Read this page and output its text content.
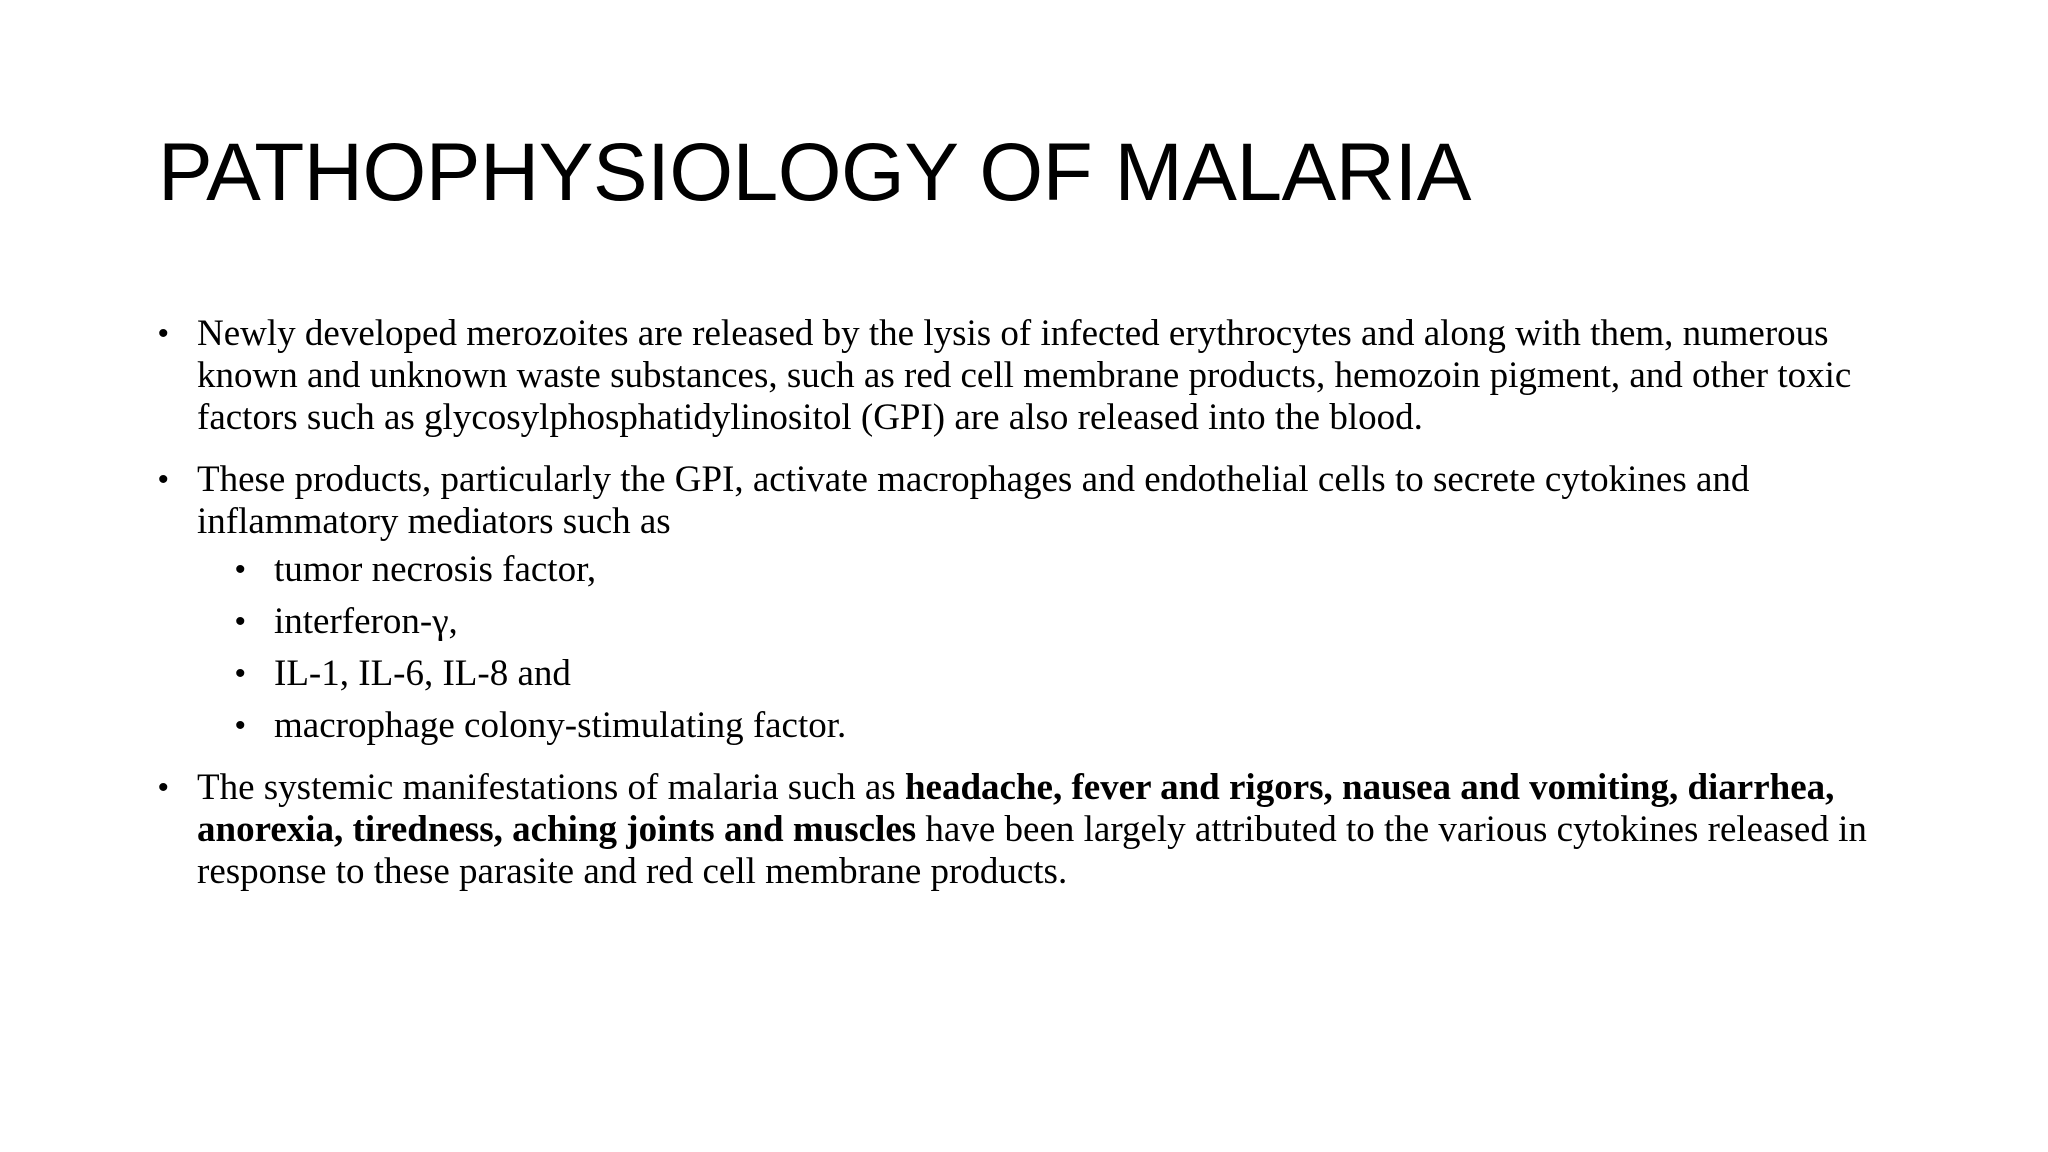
PATHOPHYSIOLOGY OF MALARIA
• Newly developed merozoites are released by the lysis of infected erythrocytes and along with them, numerous known and unknown waste substances, such as red cell membrane products, hemozoin pigment, and other toxic factors such as glycosylphosphatidylinositol (GPI) are also released into the blood.
• These products, particularly the GPI, activate macrophages and endothelial cells to secrete cytokines and inflammatory mediators such as
• tumor necrosis factor,
• interferon-γ,
• IL-1, IL-6, IL-8 and
• macrophage colony-stimulating factor.
• The systemic manifestations of malaria such as headache, fever and rigors, nausea and vomiting, diarrhea, anorexia, tiredness, aching joints and muscles have been largely attributed to the various cytokines released in response to these parasite and red cell membrane products.
